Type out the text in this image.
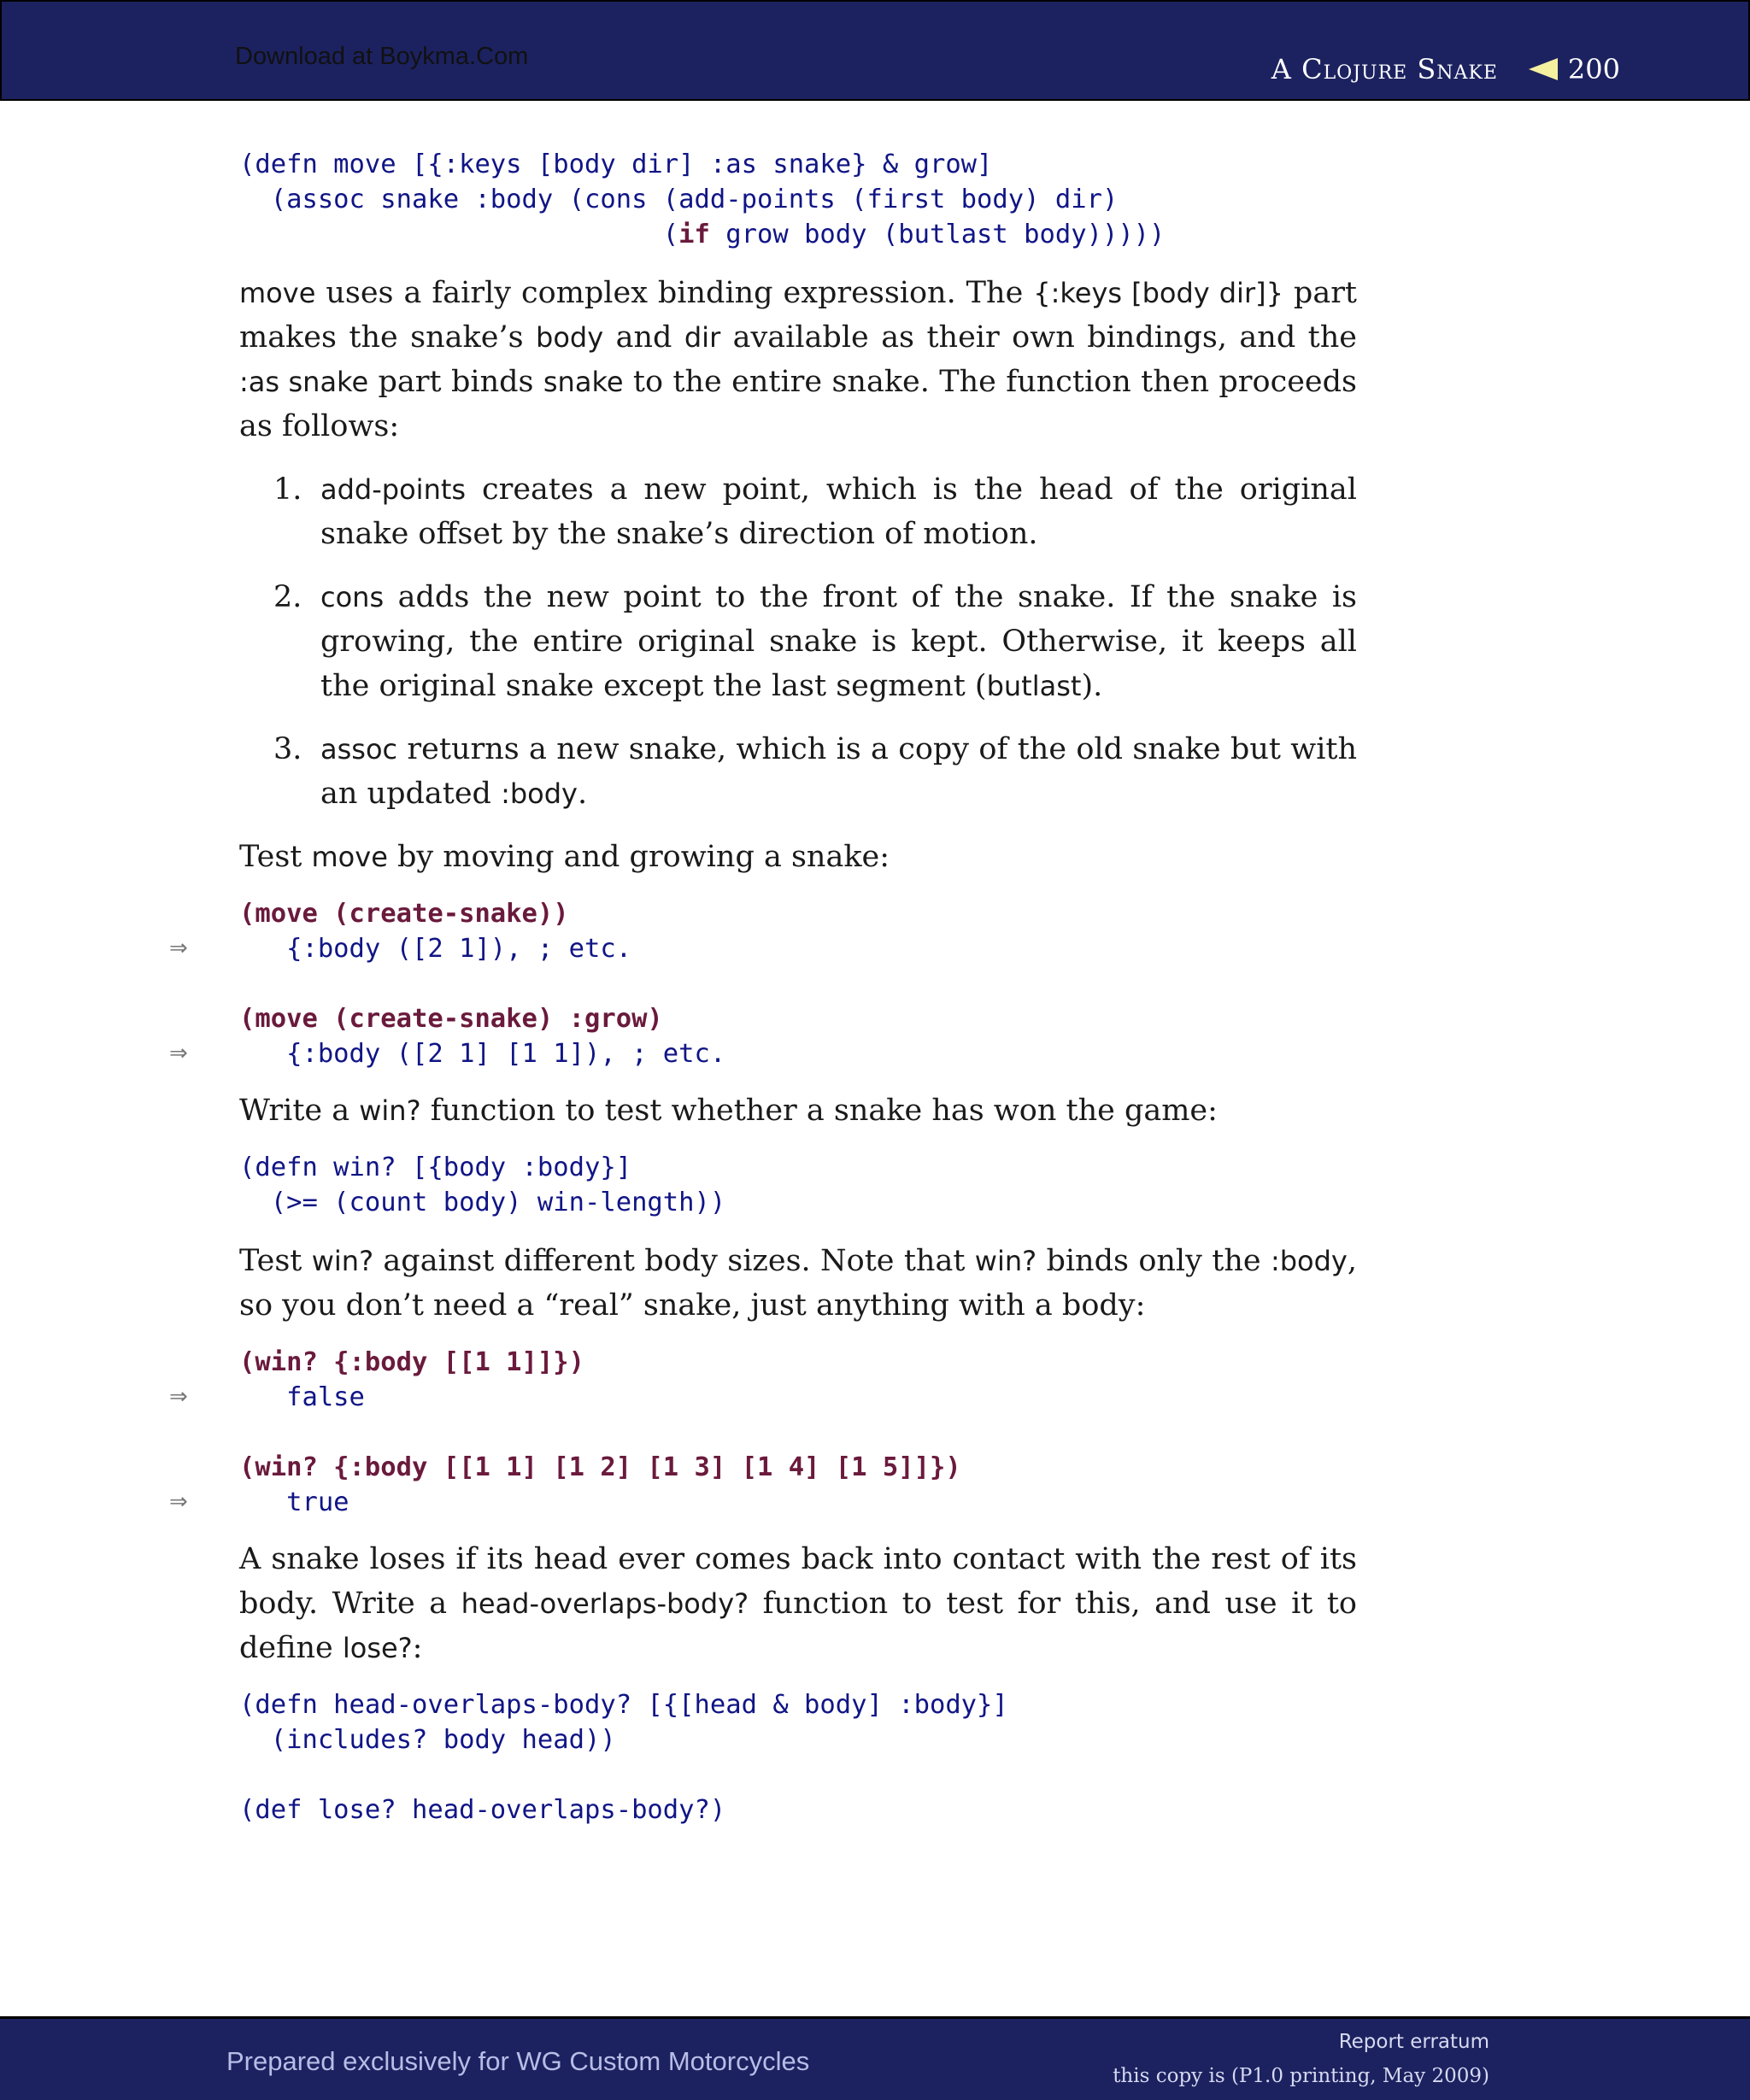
Download at Boykma.Com	A Clojure Snake	200
(defn move [{:keys [body dir] :as snake} & grow]
(assoc snake :body (cons (add-points (first body) dir)
(if grow body (butlast body)))))

move uses a fairly complex binding expression. The {:keys [body dir]} part makes the snake’s body and dir available as their own bindings, and the :as snake part binds snake to the entire snake. The function then proceeds as follows:

1. add-points creates a new point, which is the head of the original snake offset by the snake’s direction of motion.
2. cons adds the new point to the front of the snake. If the snake is growing, the entire original snake is kept. Otherwise, it keeps all the original snake except the last segment (butlast).
3. assoc returns a new snake, which is a copy of the old snake but with an updated :body.

Test move by moving and growing a snake:

(move (create-snake))
⇒ {:body ([2 1]), ; etc.
(move (create-snake) :grow)
⇒ {:body ([2 1] [1 1]), ; etc.

Write a win? function to test whether a snake has won the game:

(defn win? [{body :body}]
(>= (count body) win-length))

Test win? against different body sizes. Note that win? binds only the :body, so you don’t need a “real” snake, just anything with a body:

(win? {:body [[1 1]]})
⇒ false
(win? {:body [[1 1] [1 2] [1 3] [1 4] [1 5]]})
⇒ true

A snake loses if its head ever comes back into contact with the rest of its body. Write a head-overlaps-body? function to test for this, and use it to define lose?:

(defn head-overlaps-body? [{[head & body] :body}]
(includes? body head))

(def lose? head-overlaps-body?)
Prepared exclusively for WG Custom Motorcycles
Report erratum
this copy is (P1.0 printing, May 2009)
